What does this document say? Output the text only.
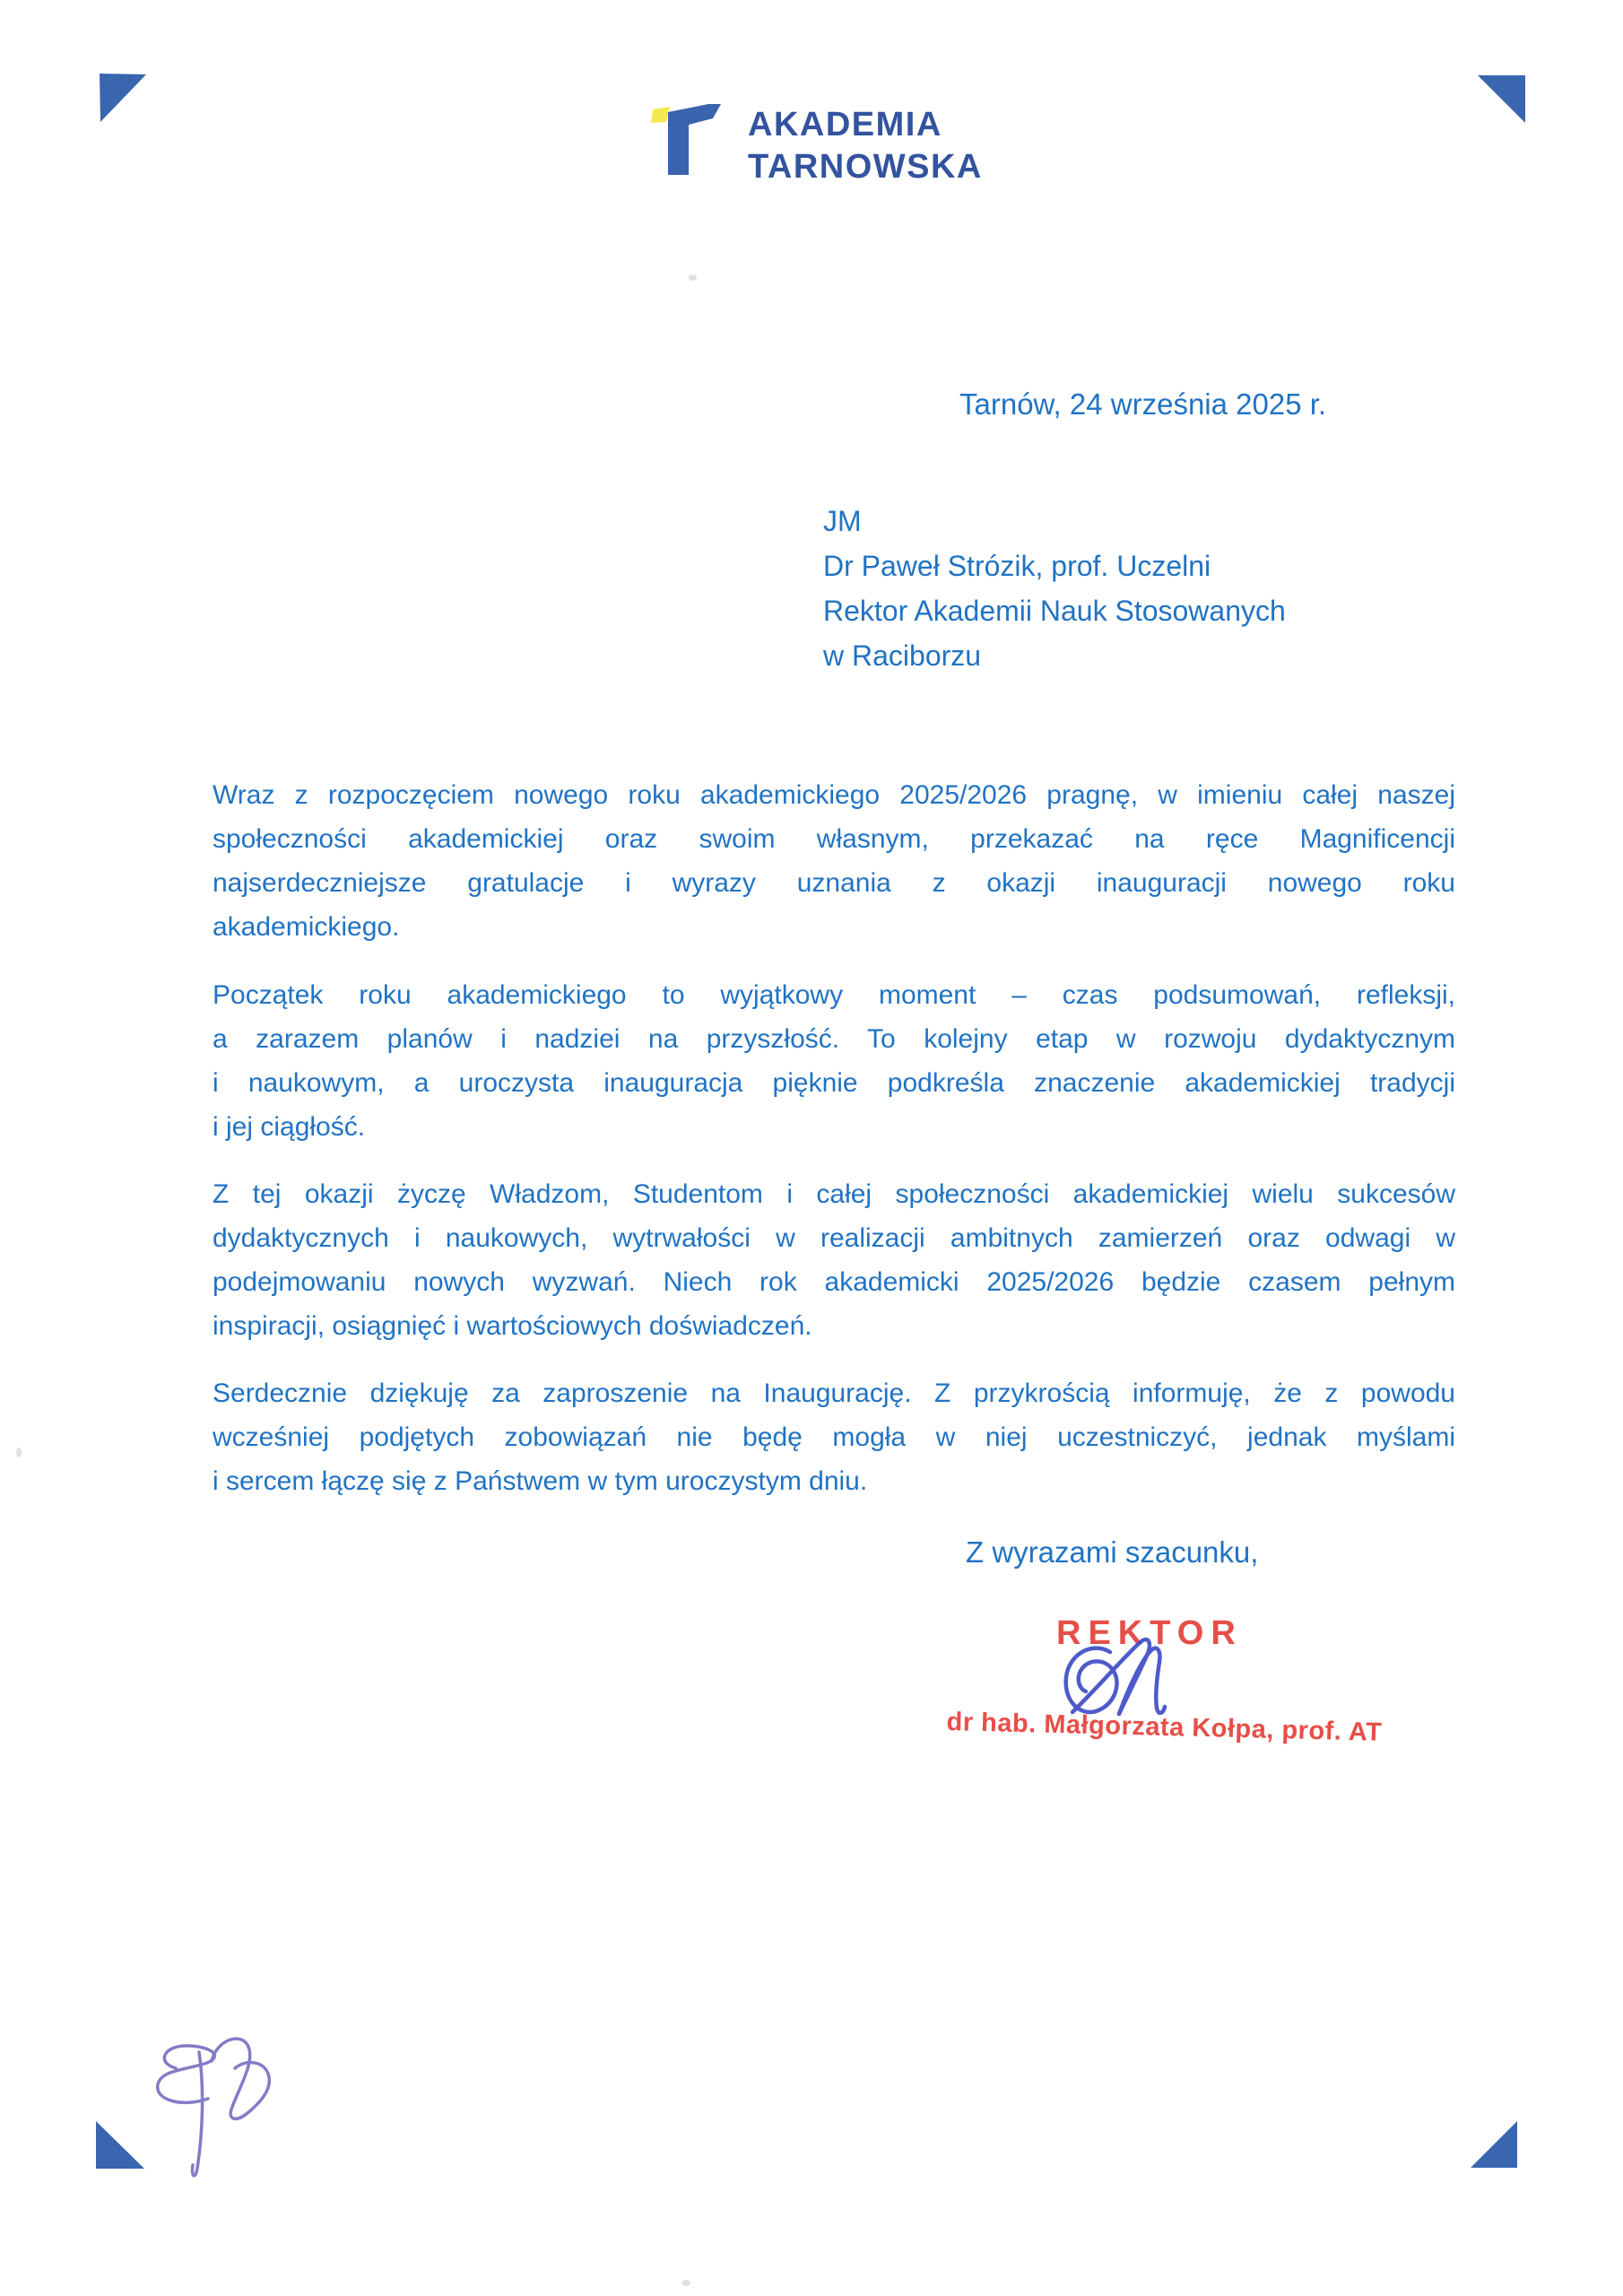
AKADEMIA
TARNOWSKA
Tarnów, 24 września 2025 r.
JM
Dr Paweł Strózik, prof. Uczelni
Rektor Akademii Nauk Stosowanych
w Raciborzu
Wraz z rozpoczęciem nowego roku akademickiego 2025/2026 pragnę, w imieniu całej naszej
społeczności akademickiej oraz swoim własnym, przekazać na ręce Magnificencji
najserdeczniejsze gratulacje i wyrazy uznania z okazji inauguracji nowego roku
akademickiego.
Początek roku akademickiego to wyjątkowy moment – czas podsumowań, refleksji,
a zarazem planów i nadziei na przyszłość. To kolejny etap w rozwoju dydaktycznym
i naukowym, a uroczysta inauguracja pięknie podkreśla znaczenie akademickiej tradycji
i jej ciągłość.
Z tej okazji życzę Władzom, Studentom i całej społeczności akademickiej wielu sukcesów
dydaktycznych i naukowych, wytrwałości w realizacji ambitnych zamierzeń oraz odwagi w
podejmowaniu nowych wyzwań. Niech rok akademicki 2025/2026 będzie czasem pełnym
inspiracji, osiągnięć i wartościowych doświadczeń.
Serdecznie dziękuję za zaproszenie na Inaugurację. Z przykrością informuję, że z powodu
wcześniej podjętych zobowiązań nie będę mogła w niej uczestniczyć, jednak myślami
i sercem łączę się z Państwem w tym uroczystym dniu.
Z wyrazami szacunku,
REKTOR
dr hab. Małgorzata Kołpa, prof. AT
